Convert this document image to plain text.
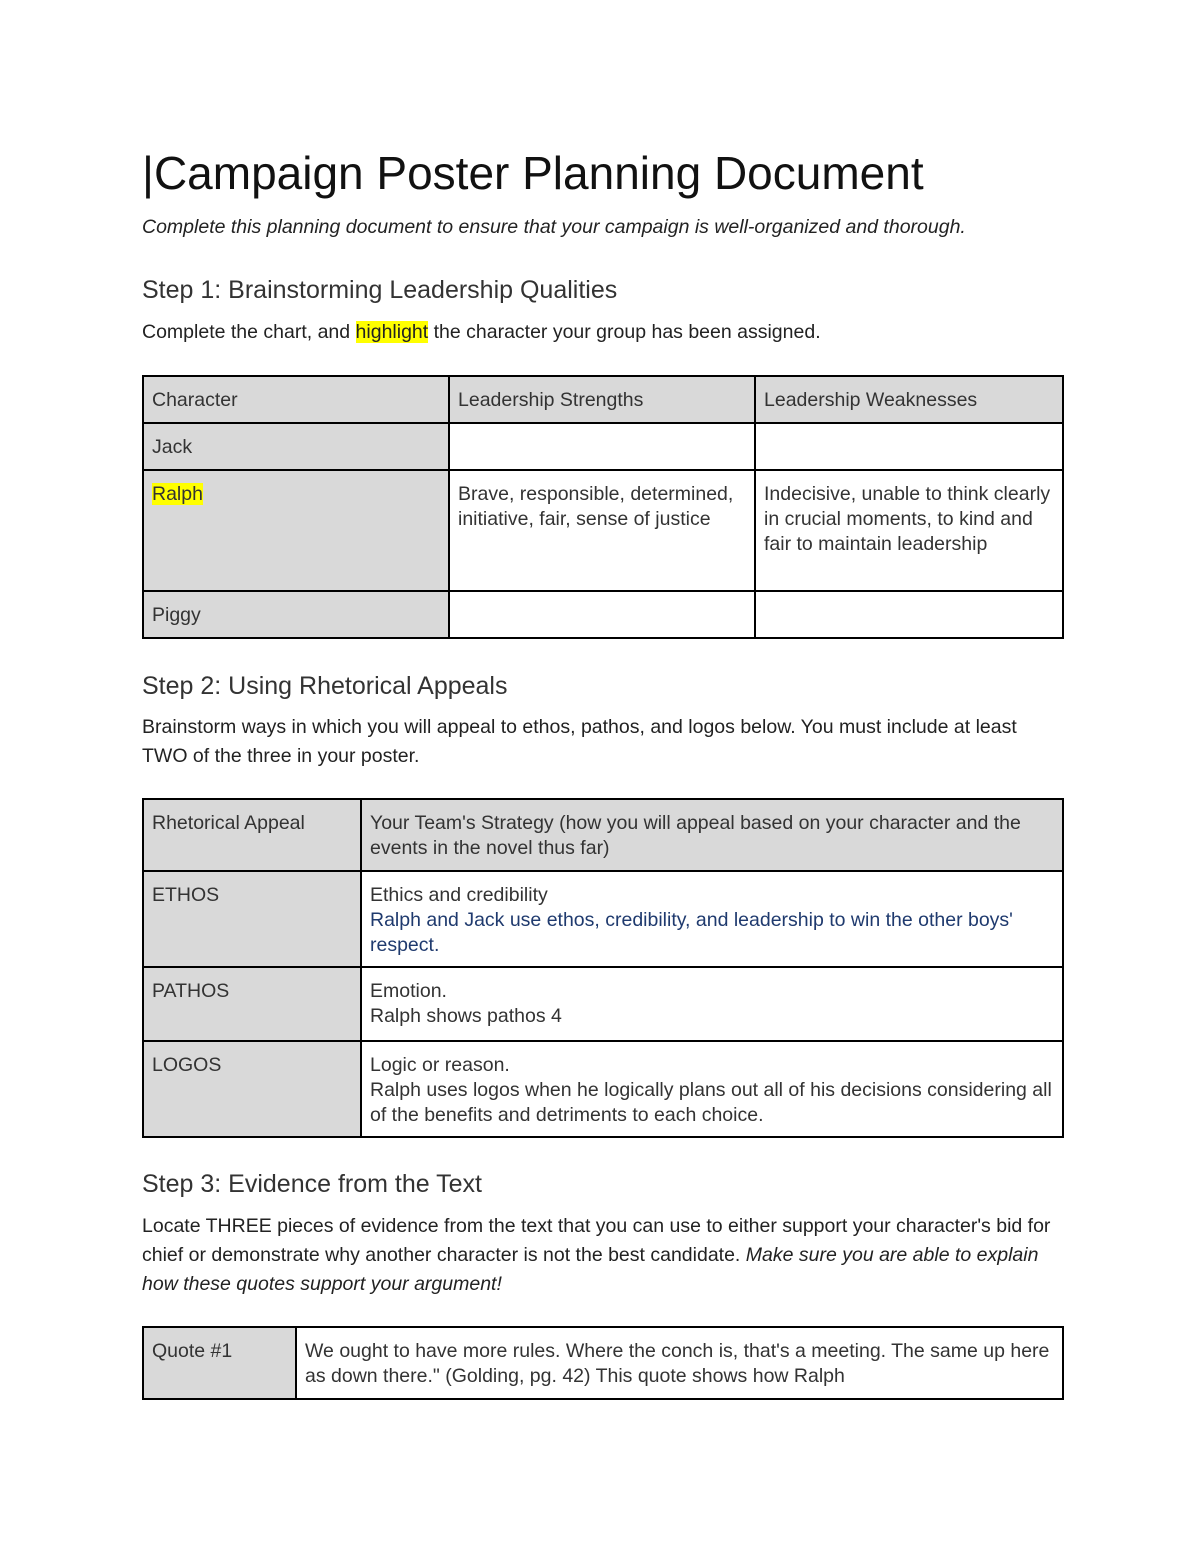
|Campaign Poster Planning Document

Complete this planning document to ensure that your campaign is well-organized and thorough.

Step 1: Brainstorming Leadership Qualities

Complete the chart, and highlight the character your group has been assigned.

Character	Leadership Strengths	Leadership Weaknesses
Jack		
Ralph	Brave, responsible, determined, initiative, fair, sense of justice	Indecisive, unable to think clearly in crucial moments, to kind and fair to maintain leadership
Piggy		
Step 2: Using Rhetorical Appeals

Brainstorm ways in which you will appeal to ethos, pathos, and logos below. You must include at least TWO of the three in your poster.

Rhetorical Appeal	Your Team's Strategy (how you will appeal based on your character and the events in the novel thus far)
ETHOS	Ethics and credibility
Ralph and Jack use ethos, credibility, and leadership to win the other boys' respect.

PATHOS	Emotion.
Ralph shows pathos 4

LOGOS	Logic or reason.
Ralph uses logos when he logically plans out all of his decisions considering all of the benefits and detriments to each choice.
Step 3: Evidence from the Text

Locate THREE pieces of evidence from the text that you can use to either support your character's bid for chief or demonstrate why another character is not the best candidate. Make sure you are able to explain how these quotes support your argument!

Quote #1	We ought to have more rules. Where the conch is, that's a meeting. The same up here as down there." (Golding, pg. 42) This quote shows how Ralph
